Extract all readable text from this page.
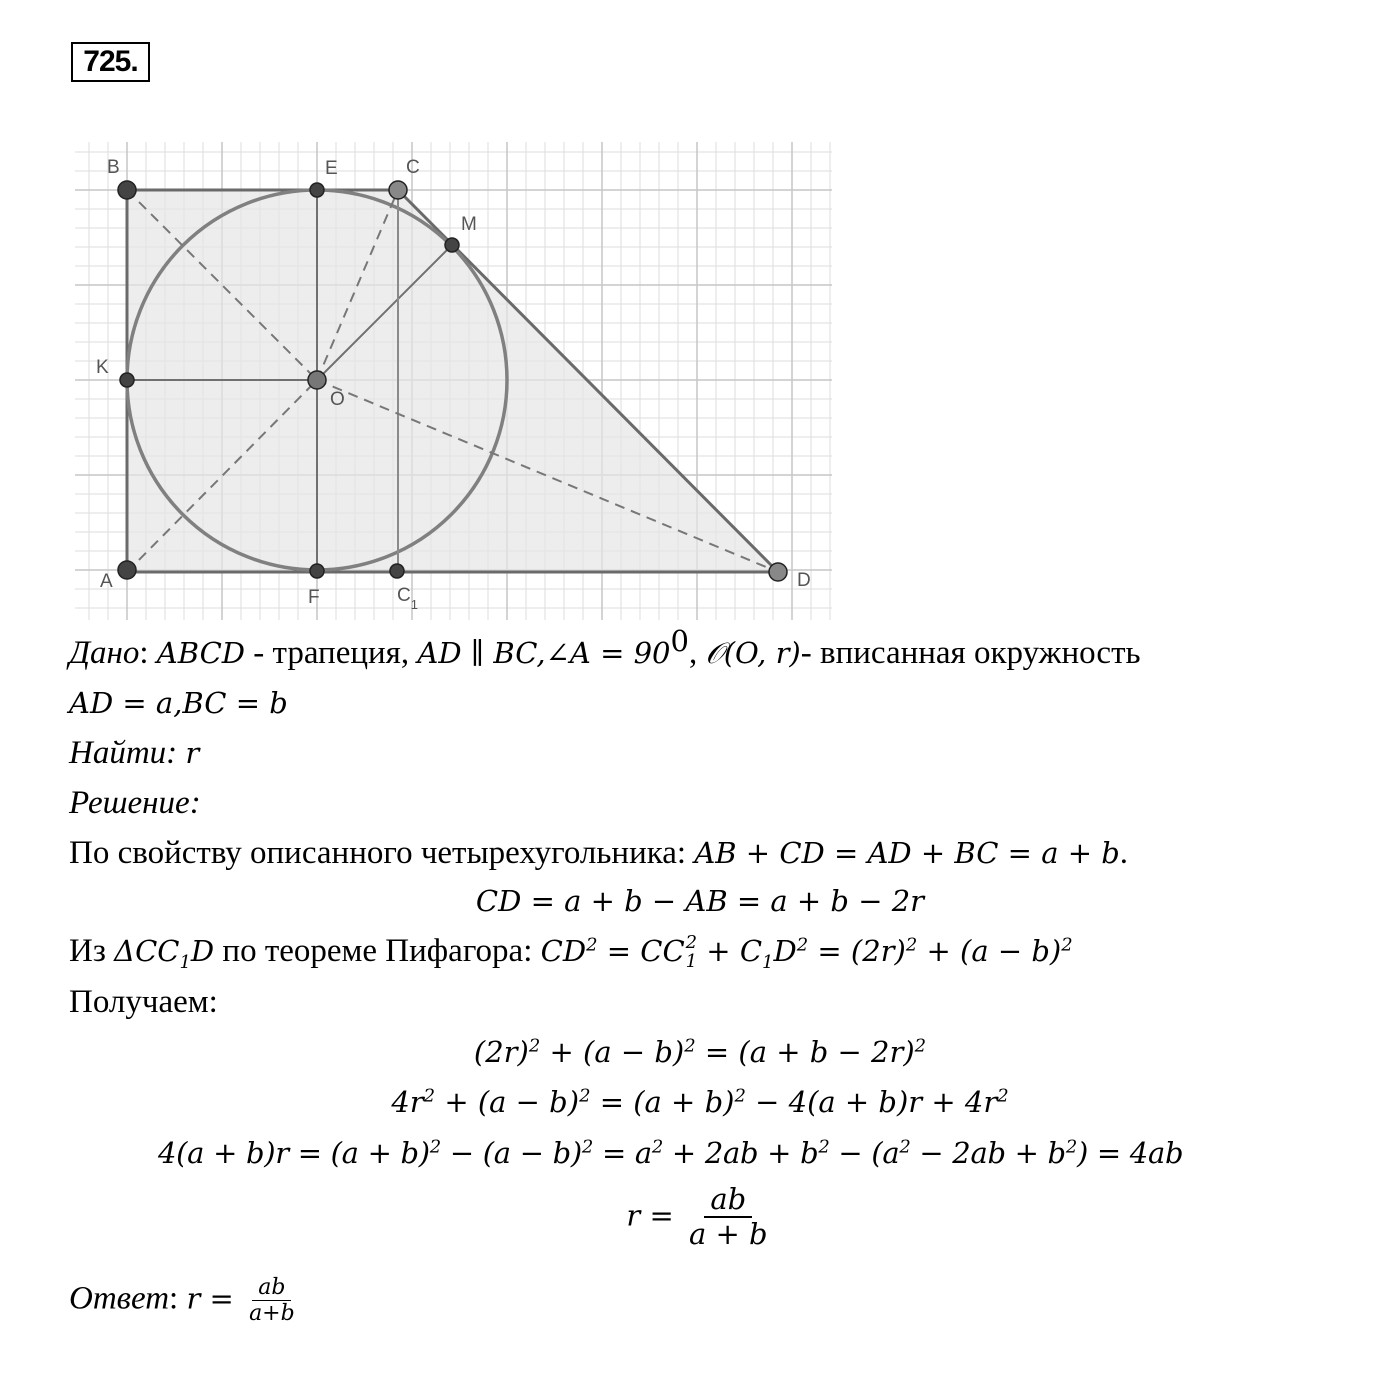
725.
B	E	C
M
K
O
A
F	$C_1$
D
Дано: ABCD - трапеция, AD ∥ BC,∠A = $90^0$, 𝒪(O, r)- вписанная окружность
AD = a,BC = b
Найти: r
Решение:
По свойству описанного четырехугольника: AB + CD = AD + BC = a + b.
CD = a + b − AB = a + b − 2r
Из $\Delta CC_1D$ по теореме Пифагора: $CD^2$ = CC 2
$1 + C_1D^2 = (2r)^2 + (a - b)^2$
Получаем:
$(2r)^2 + (a - b)^2 = (a + b - 2r)^2$
$4r^2 + (a - b)^2 = (a + b)^2 - 4(a + b)r + 4r^2$
$4(a + b)r = (a + b)^2 - (a - b)^2 = a^2 + 2ab + b^2 - (a^2 - 2ab + b^2) = 4ab$
$r = \frac{ab}{a + b}$
Ответ: $r = \frac{ab}{a+b}$
